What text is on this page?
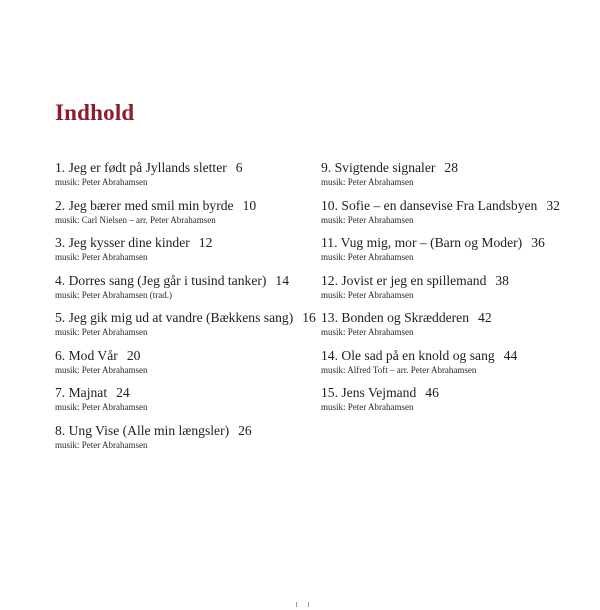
Indhold
1. Jeg er født på Jyllands sletter 6
musik: Peter Abrahamsen
2. Jeg bærer med smil min byrde 10
musik: Carl Nielsen – arr. Peter Abrahamsen
3. Jeg kysser dine kinder 12
musik: Peter Abrahamsen
4. Dorres sang (Jeg går i tusind tanker) 14
musik: Peter Abrahamsen (trad.)
5. Jeg gik mig ud at vandre (Bækkens sang) 16
musik: Peter Abrahamsen
6. Mod Vår 20
musik: Peter Abrahamsen
7. Majnat 24
musik: Peter Abrahamsen
8. Ung Vise (Alle min længsler) 26
musik: Peter Abrahamsen
9. Svigtende signaler 28
musik: Peter Abrahamsen
10. Sofie – en dansevise Fra Landsbyen 32
musik: Peter Abrahamsen
11. Vug mig, mor – (Barn og Moder) 36
musik: Peter Abrahamsen
12. Jovist er jeg en spillemand 38
musik: Peter Abrahamsen
13. Bonden og Skrædderen 42
musik: Peter Abrahamsen
14. Ole sad på en knold og sang 44
musik: Alfred Toft – arr. Peter Abrahamsen
15. Jens Vejmand 46
musik: Peter Abrahamsen
